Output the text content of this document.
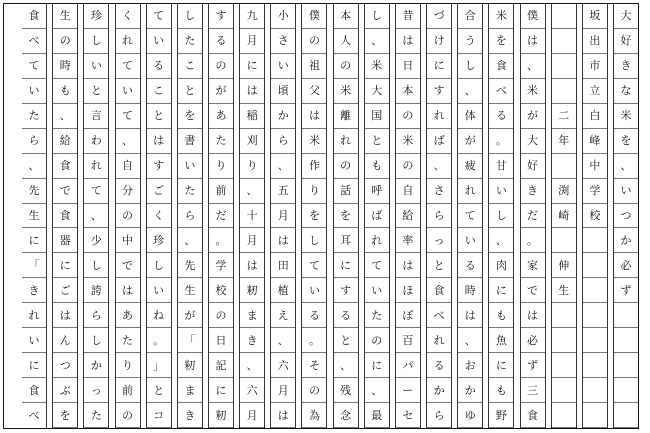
大
好
き
な
米
を
、
い
つ
か
必
ず
坂
出
市
立
白
峰
中
学
校
二
年
渕
崎
伸
生
僕
は
、
米
が
大
好
き
だ
。
家
で
は
必
ず
三
食
米
を
食
べ
る
。
甘
い
し
、
肉
に
も
魚
に
も
野
合
う
し
、
体
が
疲
れ
て
い
る
時
は
、
お
か
ゆ
づ
け
に
す
れ
ば
、
さ
ら
っ
と
食
べ
れ
る
か
ら
昔
は
日
本
の
米
の
自
給
率
は
ほ
ぼ
百
パ
ー
セ
し
、
米
大
国
と
も
呼
ば
れ
て
い
た
の
に
、
最
本
人
の
米
離
れ
の
話
を
耳
に
す
る
と
、
残
念
僕
の
祖
父
は
米
作
り
を
し
て
い
る
。
そ
の
為
小
さ
い
頃
か
ら
、
五
月
は
田
植
え
、
六
月
は
九
月
に
は
稲
刈
り
、
十
月
は
籾
ま
き
、
六
月
す
る
の
が
あ
た
り
前
だ
。
学
校
の
日
記
に
籾
し
た
こ
と
を
書
い
た
ら
、
先
生
が
「
籾
ま
き
て
い
る
こ
と
は
す
ご
く
珍
し
い
ね
。
」
と
コ
く
れ
て
い
て
、
自
分
の
中
で
は
あ
た
り
前
の
珍
し
い
と
言
わ
れ
て
、
少
し
誇
ら
し
か
っ
た
生
の
時
も
、
給
食
で
食
器
に
ご
は
ん
つ
ぶ
を
食
べ
て
い
た
ら
、
先
生
に
「
き
れ
い
に
食
べ
